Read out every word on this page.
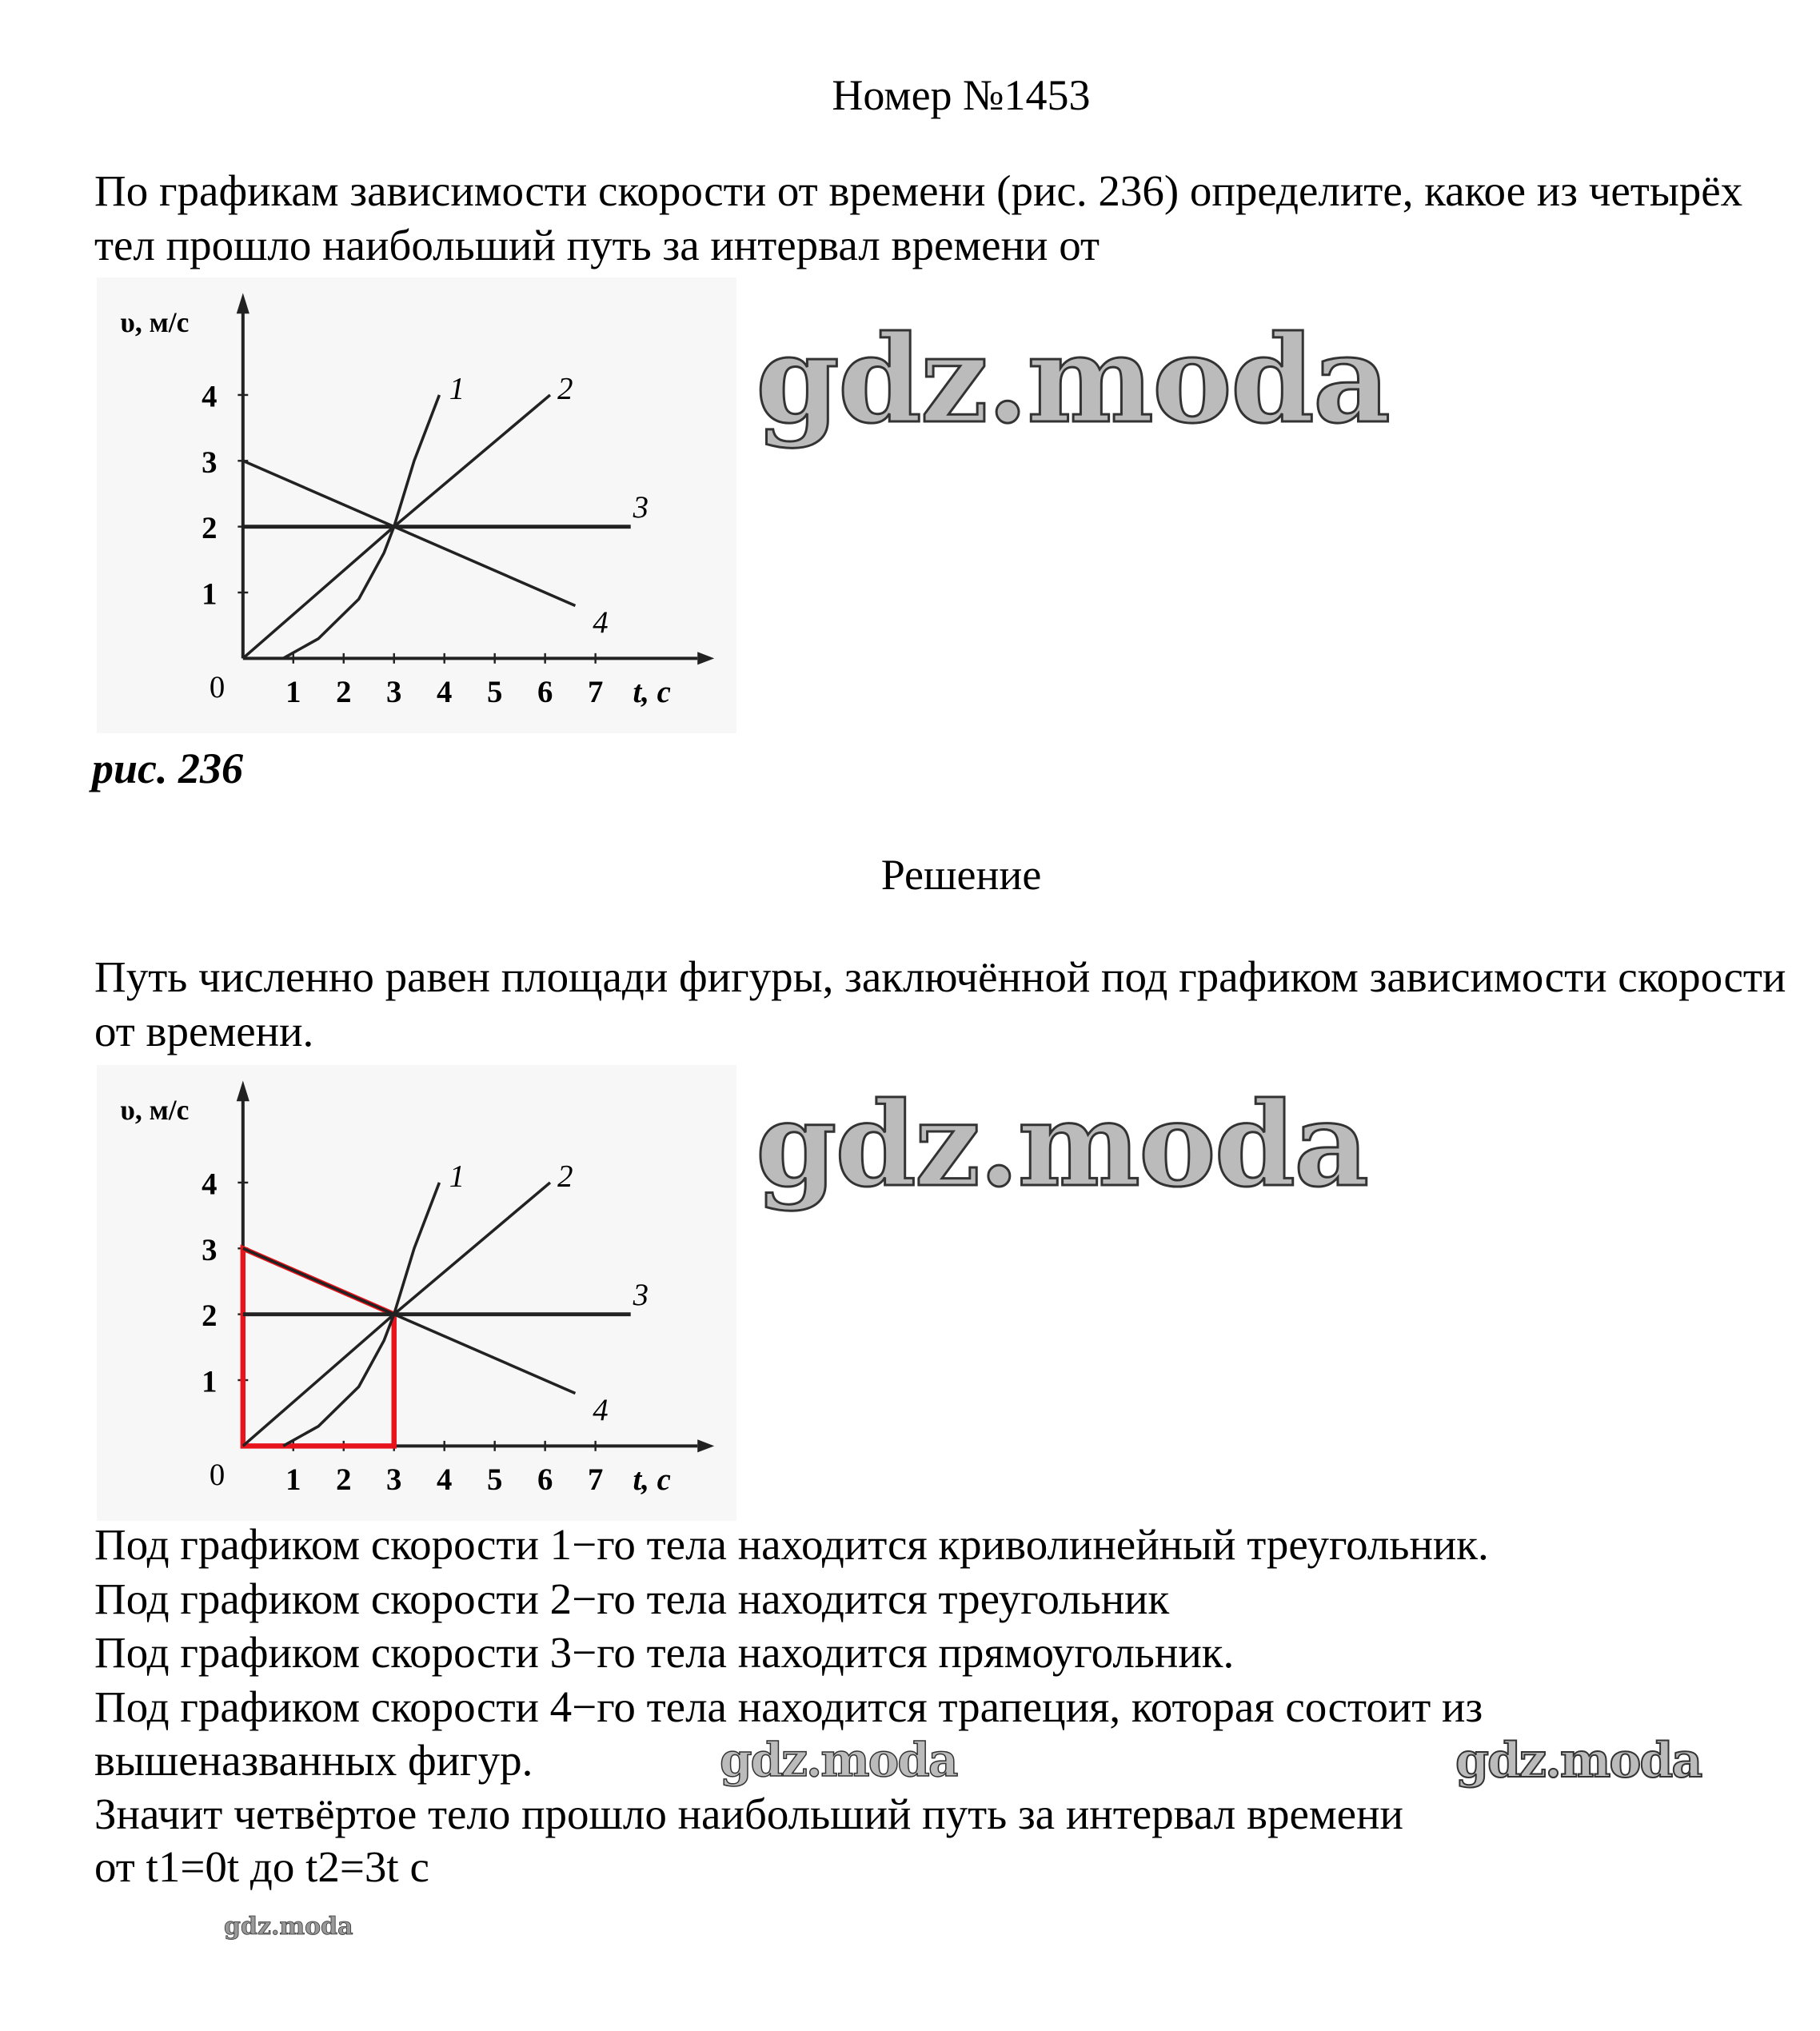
Номер №1453
По графикам зависимости скорости от времени (рис. 236) определите, какое из четырёх тел прошло наибольший путь за интервал времени от
0	1 2 3 4 5 6 7 t, с
1
2
3
4
υ, м/с
1	2
3
4
gdz.moda
рис. 236
Решение
Путь численно равен площади фигуры, заключённой под графиком зависимости скорости от времени.
0	1 2 3 4 5 6 7 t, с
1
2
3
4
υ, м/с
1	2
3
4
gdz.moda
Под графиком скорости 1−го тела находится криволинейный треугольник.
Под графиком скорости 2−го тела находится треугольник
Под графиком скорости 3−го тела находится прямоугольник.
Под графиком скорости 4−го тела находится трапеция, которая состоит из
вышеназванных фигур.
Значит четвёртое тело прошло наибольший путь за интервал времени
от t1=0t до t2=3t с
gdz.moda	gdz.moda
gdz.moda
